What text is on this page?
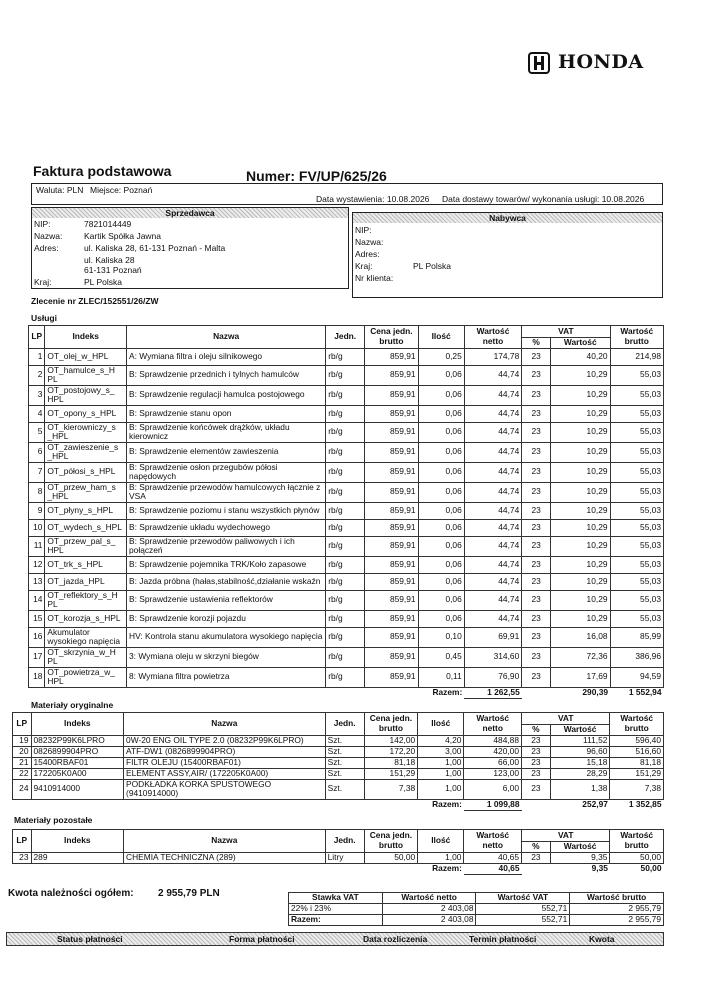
HONDA
Faktura podstawowa	Numer: FV/UP/625/26
Waluta: PLN Miejsce: Poznań
Data wystawienia: 10.08.2026 Data dostawy towarów/ wykonania usługi: 10.08.2026
Sprzedawca
NIP:	7821014449
Nazwa:	Kartik Spółka Jawna
Adres:	ul. Kaliska 28, 61-131 Poznań - Malta
ul. Kaliska 28
61-131 Poznań
Kraj:	PL Polska
Nabywca
NIP:
Nazwa:
Adres:
Kraj:	PL Polska
Nr klienta:
Zlecenie nr ZLEC/152551/26/ZW
Usługi
LP	Indeks	Nazwa	Jedn.	Cena jedn. brutto	Ilość	Wartość netto	VAT		Wartość brutto
							%	Wartość	
1	OT_olej_w_HPL	A: Wymiana filtra i oleju silnikowego	rb/g	859,91	0,25	174,78	23	40,20	214,98
2	OT_hamulce_s_H PL	B: Sprawdzenie przednich i tylnych hamulców	rb/g	859,91	0,06	44,74	23	10,29	55,03
3	OT_postojowy_s_ HPL	B: Sprawdzenie regulacji hamulca postojowego	rb/g	859,91	0,06	44,74	23	10,29	55,03
4	OT_opony_s_HPL	B: Sprawdzenie stanu opon	rb/g	859,91	0,06	44,74	23	10,29	55,03
5	OT_kierowniczy_s _HPL	B: Sprawdzenie końcówek drążków, układu kierownicz	rb/g	859,91	0,06	44,74	23	10,29	55,03
6	OT_zawieszenie_s _HPL	B: Sprawdzenie elementów zawieszenia	rb/g	859,91	0,06	44,74	23	10,29	55,03
7	OT_półosi_s_HPL	B: Sprawdzenie osłon przegubów półosi napędowych	rb/g	859,91	0,06	44,74	23	10,29	55,03
8	OT_przew_ham_s _HPL	B: Sprawdzenie przewodów hamulcowych łącznie z VSA	rb/g	859,91	0,06	44,74	23	10,29	55,03
9	OT_płyny_s_HPL	B: Sprawdzenie poziomu i stanu wszystkich płynów	rb/g	859,91	0,06	44,74	23	10,29	55,03
10	OT_wydech_s_HPL	B: Sprawdzenie układu wydechowego	rb/g	859,91	0,06	44,74	23	10,29	55,03
11	OT_przew_pal_s_ HPL	B: Sprawdzenie przewodów paliwowych i ich połączeń	rb/g	859,91	0,06	44,74	23	10,29	55,03
12	OT_trk_s_HPL	B: Sprawdzenie pojemnika TRK/Koło zapasowe	rb/g	859,91	0,06	44,74	23	10,29	55,03
13	OT_jazda_HPL	B: Jazda próbna (hałas,stabilność,działanie wskaźn	rb/g	859,91	0,06	44,74	23	10,29	55,03
14	OT_reflektory_s_H PL	B: Sprawdzenie ustawienia reflektorów	rb/g	859,91	0,06	44,74	23	10,29	55,03
15	OT_korozja_s_HPL	B: Sprawdzenie korozji pojazdu	rb/g	859,91	0,06	44,74	23	10,29	55,03
16	Akumulator wysokiego napięcia	HV: Kontrola stanu akumulatora wysokiego napięcia	rb/g	859,91	0,10	69,91	23	16,08	85,99
17	OT_skrzynia_w_H PL	3: Wymiana oleju w skrzyni biegów	rb/g	859,91	0,45	314,60	23	72,36	386,96
18	OT_powietrza_w_ HPL	8: Wymiana filtra powietrza	rb/g	859,91	0,11	76,90	23	17,69	94,59
Razem:						1 262,55		290,39	1 552,94
Materiały oryginalne
LP	Indeks	Nazwa	Jedn.	Cena jedn. brutto	Ilość	Wartość netto	VAT		Wartość brutto
							%	Wartość	
19	08232P99K6LPRO	0W-20 ENG OIL TYPE 2.0 (08232P99K6LPRO)	Szt.	142,00	4,20	484,88	23	111,52	596,40
20	0826899904PRO	ATF-DW1 (0826899904PRO)	Szt.	172,20	3,00	420,00	23	96,60	516,60
21	15400RBAF01	FILTR OLEJU (15400RBAF01)	Szt.	81,18	1,00	66,00	23	15,18	81,18
22	172205K0A00	ELEMENT ASSY,AIR/ (172205K0A00)	Szt.	151,29	1,00	123,00	23	28,29	151,29
24	9410914000	PODKŁADKA KORKA SPUSTOWEGO (9410914000)	Szt.	7,38	1,00	6,00	23	1,38	7,38
Razem:						1 099,88		252,97	1 352,85
Materiały pozostałe
LP	Indeks	Nazwa	Jedn.	Cena jedn. brutto	Ilość	Wartość netto	VAT		Wartość brutto
							%	Wartość	
23	289	CHEMIA TECHNICZNA (289)	Litry	50,00	1,00	40,65	23	9,35	50,00
Razem:						40,65		9,35	50,00
Kwota należności ogółem: 2 955,79 PLN	Stawka VAT	Wartość netto	Wartość VAT	Wartość brutto
22% i 23%	2 403,08	552,71	2 955,79
Razem:	2 403,08	552,71	2 955,79
Status płatności	Forma płatności	Data rozliczenia	Termin płatności	Kwota
